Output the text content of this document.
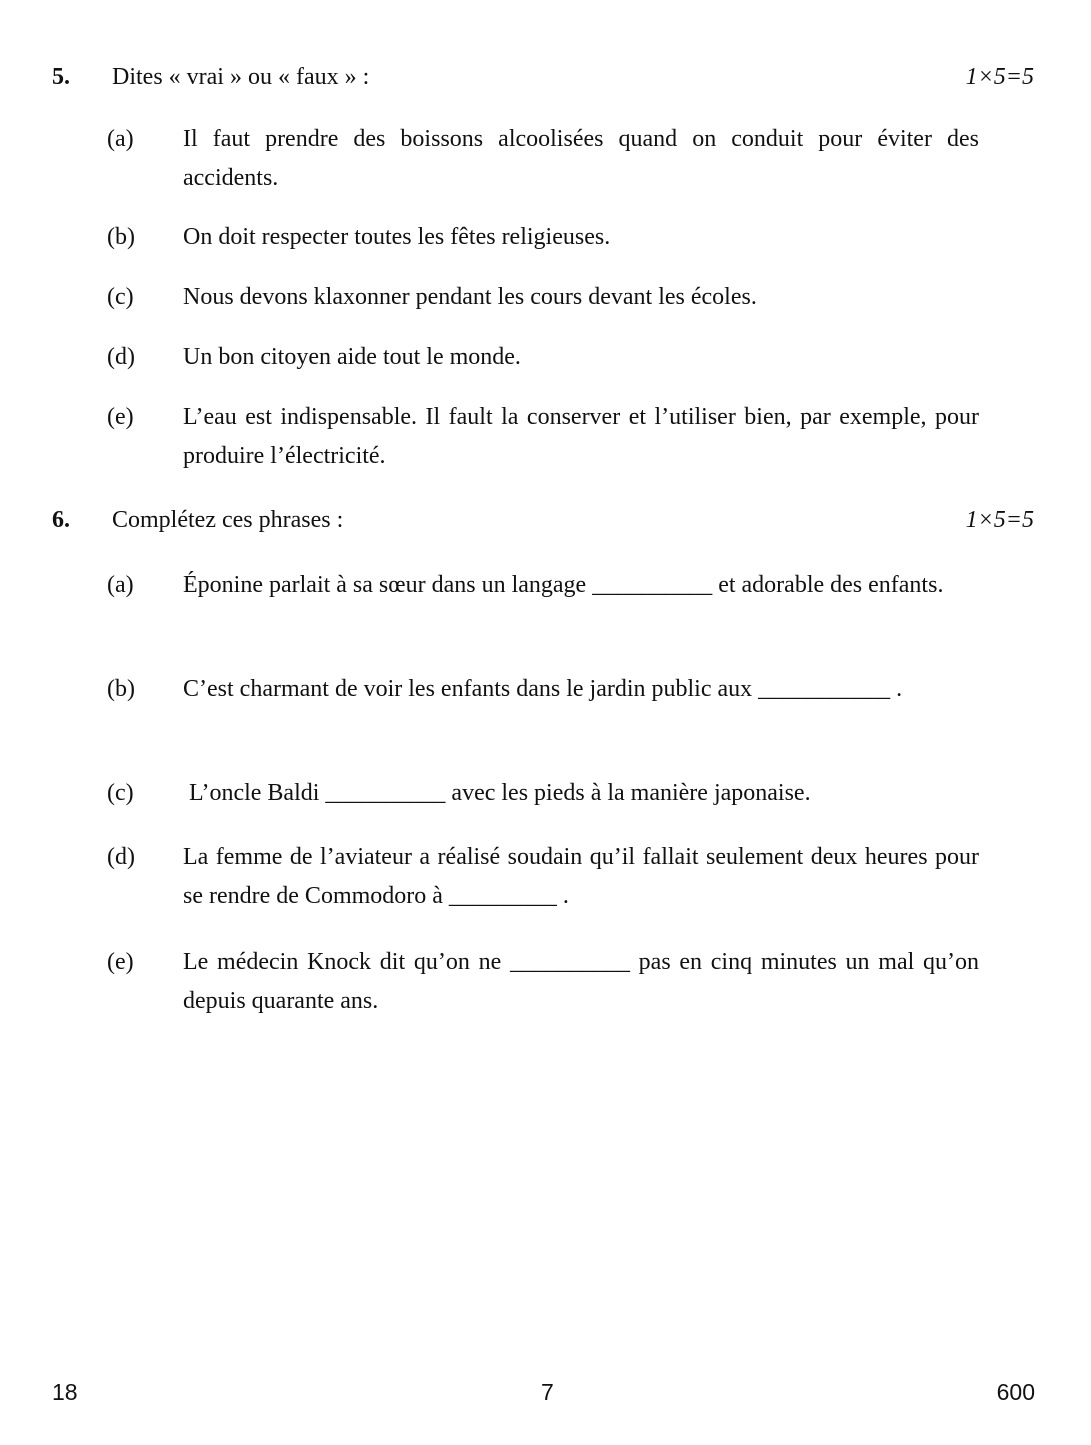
5. Dites « vrai » ou « faux » :	1×5=5
(a) Il faut prendre des boissons alcoolisées quand on conduit pour éviter des accidents.
(b) On doit respecter toutes les fêtes religieuses.
(c) Nous devons klaxonner pendant les cours devant les écoles.
(d) Un bon citoyen aide tout le monde.
(e) L’eau est indispensable. Il fault la conserver et l’utiliser bien, par exemple, pour produire l’électricité.
6. Complétez ces phrases :	1×5=5
(a) Éponine parlait à sa sœur dans un langage __________ et adorable des enfants.
(b) C’est charmant de voir les enfants dans le jardin public aux ___________ .
(c) L’oncle Baldi __________ avec les pieds à la manière japonaise.
(d) La femme de l’aviateur a réalisé soudain qu’il fallait seulement deux heures pour se rendre de Commodoro à _________ .
(e) Le médecin Knock dit qu’on ne __________ pas en cinq minutes un mal qu’on depuis quarante ans.
18	7	600
